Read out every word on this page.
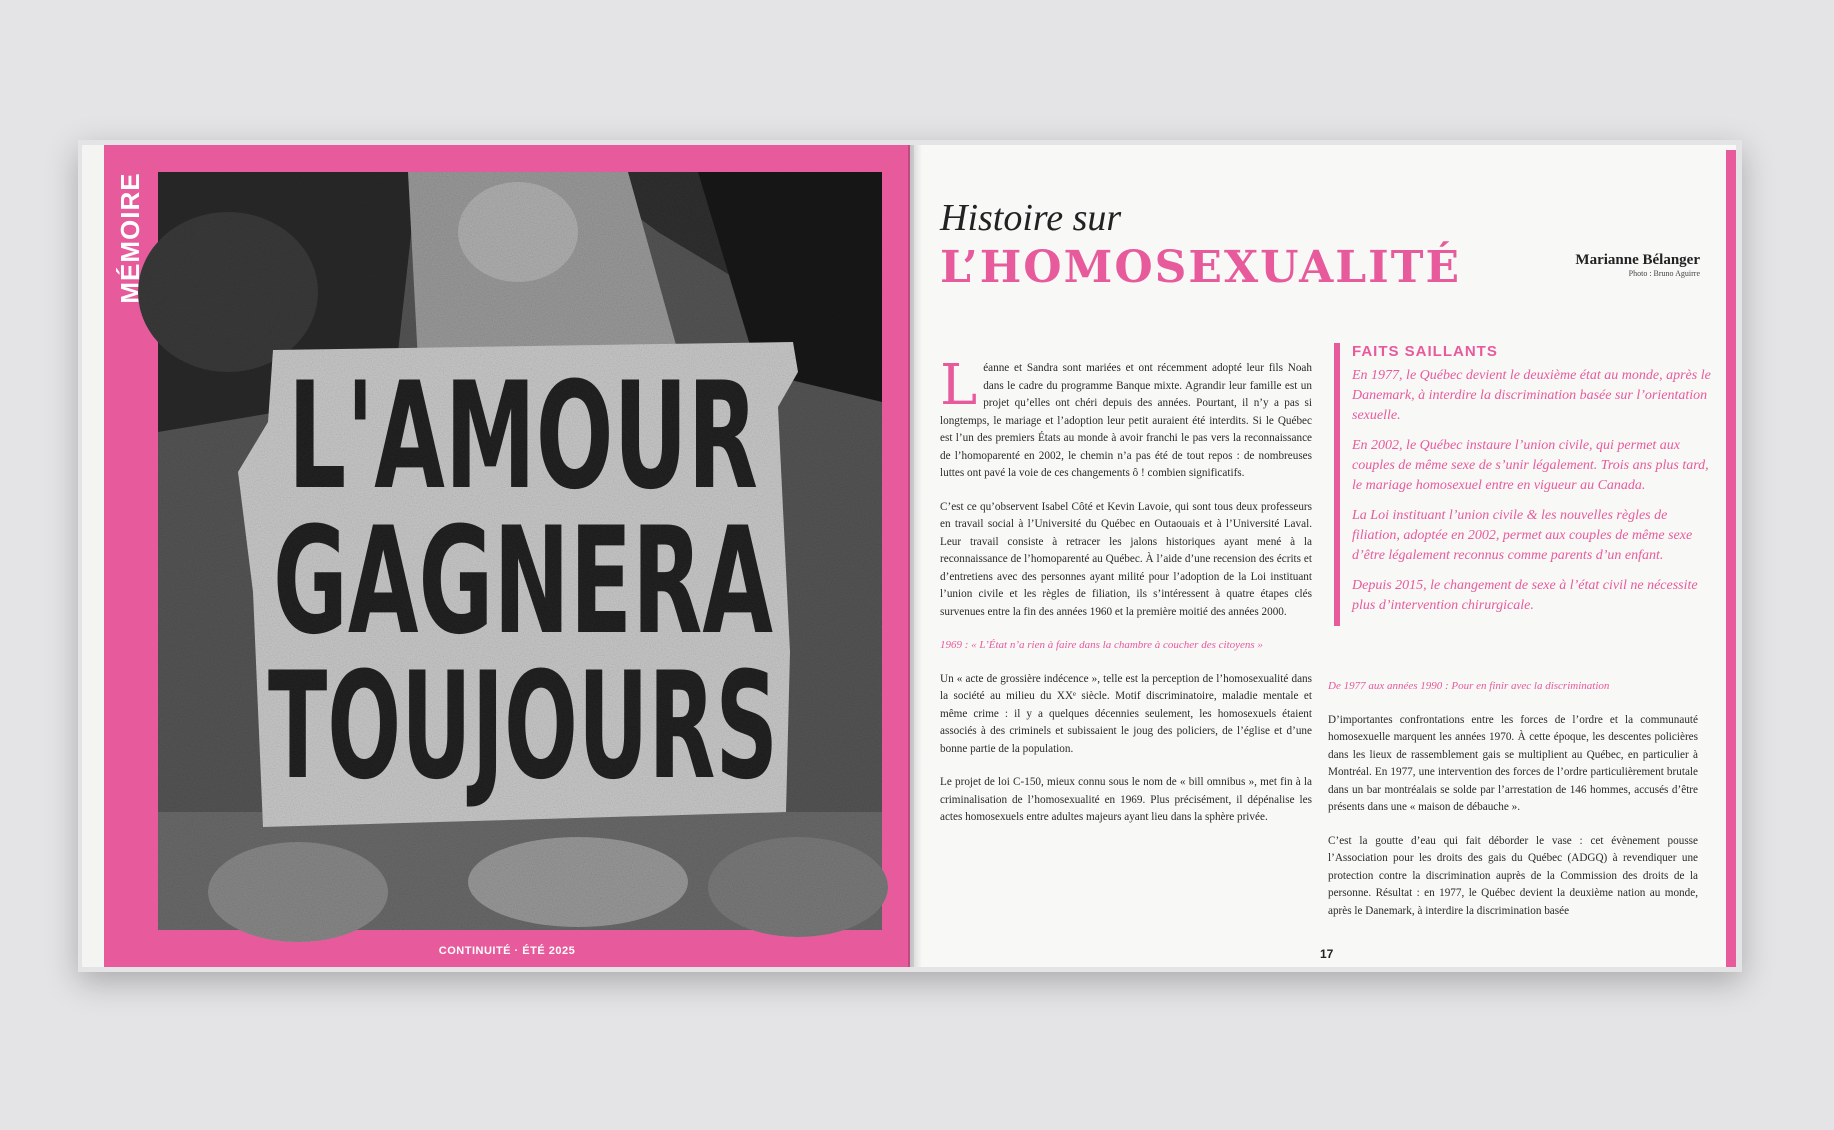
MÉMOIRE
L'AMOUR
GAGNERA
TOUJOURS
CONTINUITÉ · ÉTÉ 2025
Histoire sur
L’HOMOSEXUALITÉ	Marianne Bélanger
Photo : Bruno Aguirre

Léanne et Sandra sont mariées et ont récemment adopté leur fils Noah dans le cadre du programme Banque mixte. Agrandir leur famille est un projet qu’elles ont chéri depuis des années. Pourtant, il n’y a pas si longtemps, le mariage et l’adoption leur petit auraient été interdits. Si le Québec est l’un des premiers États au monde à avoir franchi le pas vers la reconnaissance de l’homoparenté en 2002, le chemin n’a pas été de tout repos : de nombreuses luttes ont pavé la voie de ces changements ô ! combien significatifs.

C’est ce qu’observent Isabel Côté et Kevin Lavoie, qui sont tous deux professeurs en travail social à l’Université du Québec en Outaouais et à l’Université Laval. Leur travail consiste à retracer les jalons historiques ayant mené à la reconnaissance de l’homoparenté au Québec. À l’aide d’une recension des écrits et d’entretiens avec des personnes ayant milité pour l’adoption de la Loi instituant l’union civile et les règles de filiation, ils s’intéressent à quatre étapes clés survenues entre la fin des années 1960 et la première moitié des années 2000.

1969 : « L’État n’a rien à faire dans la chambre à coucher des citoyens »

Un « acte de grossière indécence », telle est la perception de l’homosexualité dans la société au milieu du XXᵉ siècle. Motif discriminatoire, maladie mentale et même crime : il y a quelques décennies seulement, les homosexuels étaient associés à des criminels et subissaient le joug des policiers, de l’église et d’une bonne partie de la population.

Le projet de loi C-150, mieux connu sous le nom de « bill omnibus », met fin à la criminalisation de l’homosexualité en 1969. Plus précisément, il dépénalise les actes homosexuels entre adultes majeurs ayant lieu dans la sphère privée.

FAITS SAILLANTS

En 1977, le Québec devient le deuxième état au monde, après le Danemark, à interdire la discrimination basée sur l’orientation sexuelle.

En 2002, le Québec instaure l’union civile, qui permet aux couples de même sexe de s’unir légalement. Trois ans plus tard, le mariage homosexuel entre en vigueur au Canada.

La Loi instituant l’union civile & les nouvelles règles de filiation, adoptée en 2002, permet aux couples de même sexe d’être légalement reconnus comme parents d’un enfant.

Depuis 2015, le changement de sexe à l’état civil ne nécessite plus d’intervention chirurgicale.

De 1977 aux années 1990 : Pour en finir avec la discrimination

D’importantes confrontations entre les forces de l’ordre et la communauté homosexuelle marquent les années 1970. À cette époque, les descentes policières dans les lieux de rassemblement gais se multiplient au Québec, en particulier à Montréal. En 1977, une intervention des forces de l’ordre particulièrement brutale dans un bar montréalais se solde par l’arrestation de 146 hommes, accusés d’être présents dans une « maison de débauche ».

C’est la goutte d’eau qui fait déborder le vase : cet évènement pousse l’Association pour les droits des gais du Québec (ADGQ) à revendiquer une protection contre la discrimination auprès de la Commission des droits de la personne. Résultat : en 1977, le Québec devient la deuxième nation au monde, après le Danemark, à interdire la discrimination basée

17
